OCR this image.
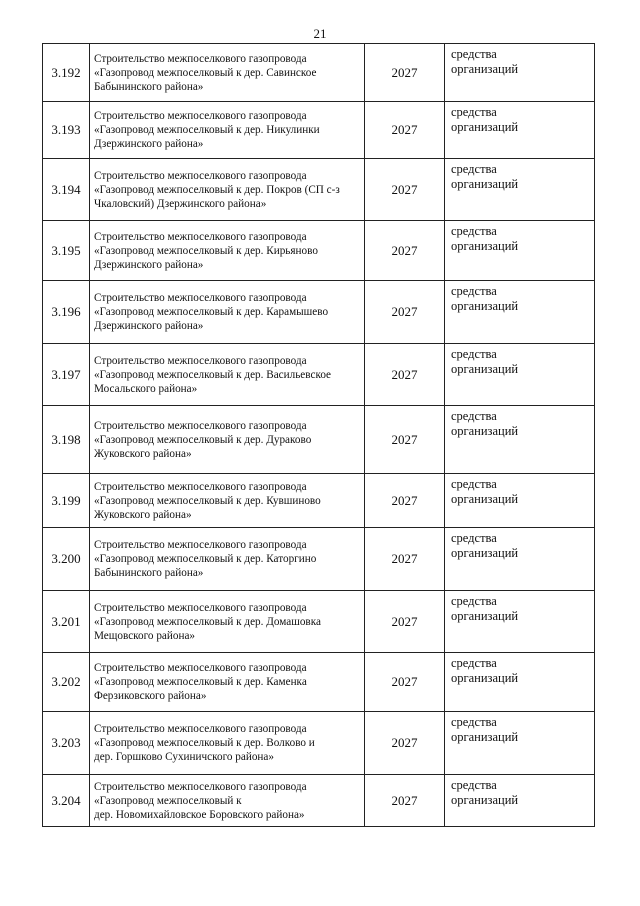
21
3.192	Строительство межпоселкового газопровода
«Газопровод межпоселковый к дер. Савинское
Бабынинского района»	2027	средства
организаций

3.193	Строительство межпоселкового газопровода
«Газопровод межпоселковый к дер. Никулинки
Дзержинского района»	2027	средства
организаций

3.194	Строительство межпоселкового газопровода
«Газопровод межпоселковый к дер. Покров (СП с-з
Чкаловский) Дзержинского района»	2027	средства
организаций

3.195	Строительство межпоселкового газопровода
«Газопровод межпоселковый к дер. Кирьяново
Дзержинского района»	2027	средства
организаций

3.196	Строительство межпоселкового газопровода
«Газопровод межпоселковый к дер. Карамышево
Дзержинского района»	2027	средства
организаций

3.197	Строительство межпоселкового газопровода
«Газопровод межпоселковый к дер. Васильевское
Мосальского района»	2027	средства
организаций

3.198	Строительство межпоселкового газопровода
«Газопровод межпоселковый к дер. Дураково
Жуковского района»	2027	средства
организаций

3.199	Строительство межпоселкового газопровода
«Газопровод межпоселковый к дер. Кувшиново
Жуковского района»	2027	средства
организаций

3.200	Строительство межпоселкового газопровода
«Газопровод межпоселковый к дер. Каторгино
Бабынинского района»	2027	средства
организаций

3.201	Строительство межпоселкового газопровода
«Газопровод межпоселковый к дер. Домашовка
Мещовского района»	2027	средства
организаций

3.202	Строительство межпоселкового газопровода
«Газопровод межпоселковый к дер. Каменка
Ферзиковского района»	2027	средства
организаций

3.203	Строительство межпоселкового газопровода
«Газопровод межпоселковый к дер. Волково и
дер. Горшково Сухиничского района»	2027	средства
организаций

3.204	Строительство межпоселкового газопровода
«Газопровод межпоселковый к
дер. Новомихайловское Боровского района»	2027	средства
организаций
